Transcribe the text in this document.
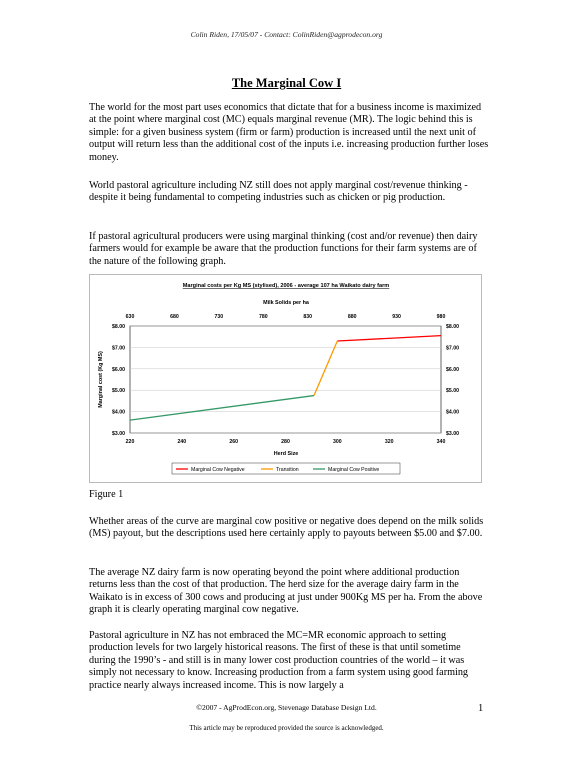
Colin Riden, 17/05/07 - Contact: ColinRiden@agprodecon.org
The Marginal Cow I

The world for the most part uses economics that dictate that for a business income is maximized at the point where marginal cost (MC) equals marginal revenue (MR). The logic behind this is simple: for a given business system (firm or farm) production is increased until the next unit of output will return less than the additional cost of the inputs i.e. increasing production further loses money.

World pastoral agriculture including NZ still does not apply marginal cost/revenue thinking - despite it being fundamental to competing industries such as chicken or pig production.

If pastoral agricultural producers were using marginal thinking (cost and/or revenue) then dairy farmers would for example be aware that the production functions for their farm systems are of the nature of the following graph.

Marginal costs per Kg MS (stylised), 2006 - average 107 ha Waikato dairy farm
Milk Solids per ha
630	680	730	780	830	880	930	980
$3.00	$3.00
$4.00	$4.00
$5.00	$5.00
$6.00	$6.00
$7.00	$7.00
$8.00	$8.00
220	240	260	280	300	320	340
Herd Size
Marginal cost (Kg MS)
Marginal Cow Negative	Transition	Marginal Cow Positive
Figure 1

Whether areas of the curve are marginal cow positive or negative does depend on the milk solids (MS) payout, but the descriptions used here certainly apply to payouts between $5.00 and $7.00.

The average NZ dairy farm is now operating beyond the point where additional production returns less than the cost of that production. The herd size for the average dairy farm in the Waikato is in excess of 300 cows and producing at just under 900Kg MS per ha. From the above graph it is clearly operating marginal cow negative.

Pastoral agriculture in NZ has not embraced the MC=MR economic approach to setting production levels for two largely historical reasons. The first of these is that until sometime during the 1990’s - and still is in many lower cost production countries of the world – it was simply not necessary to know. Increasing production from a farm system using good farming practice nearly always increased income. This is now largely a

©2007 - AgProdEcon.org, Stevenage Database Design Ltd.	1
This article may be reproduced provided the source is acknowledged.
